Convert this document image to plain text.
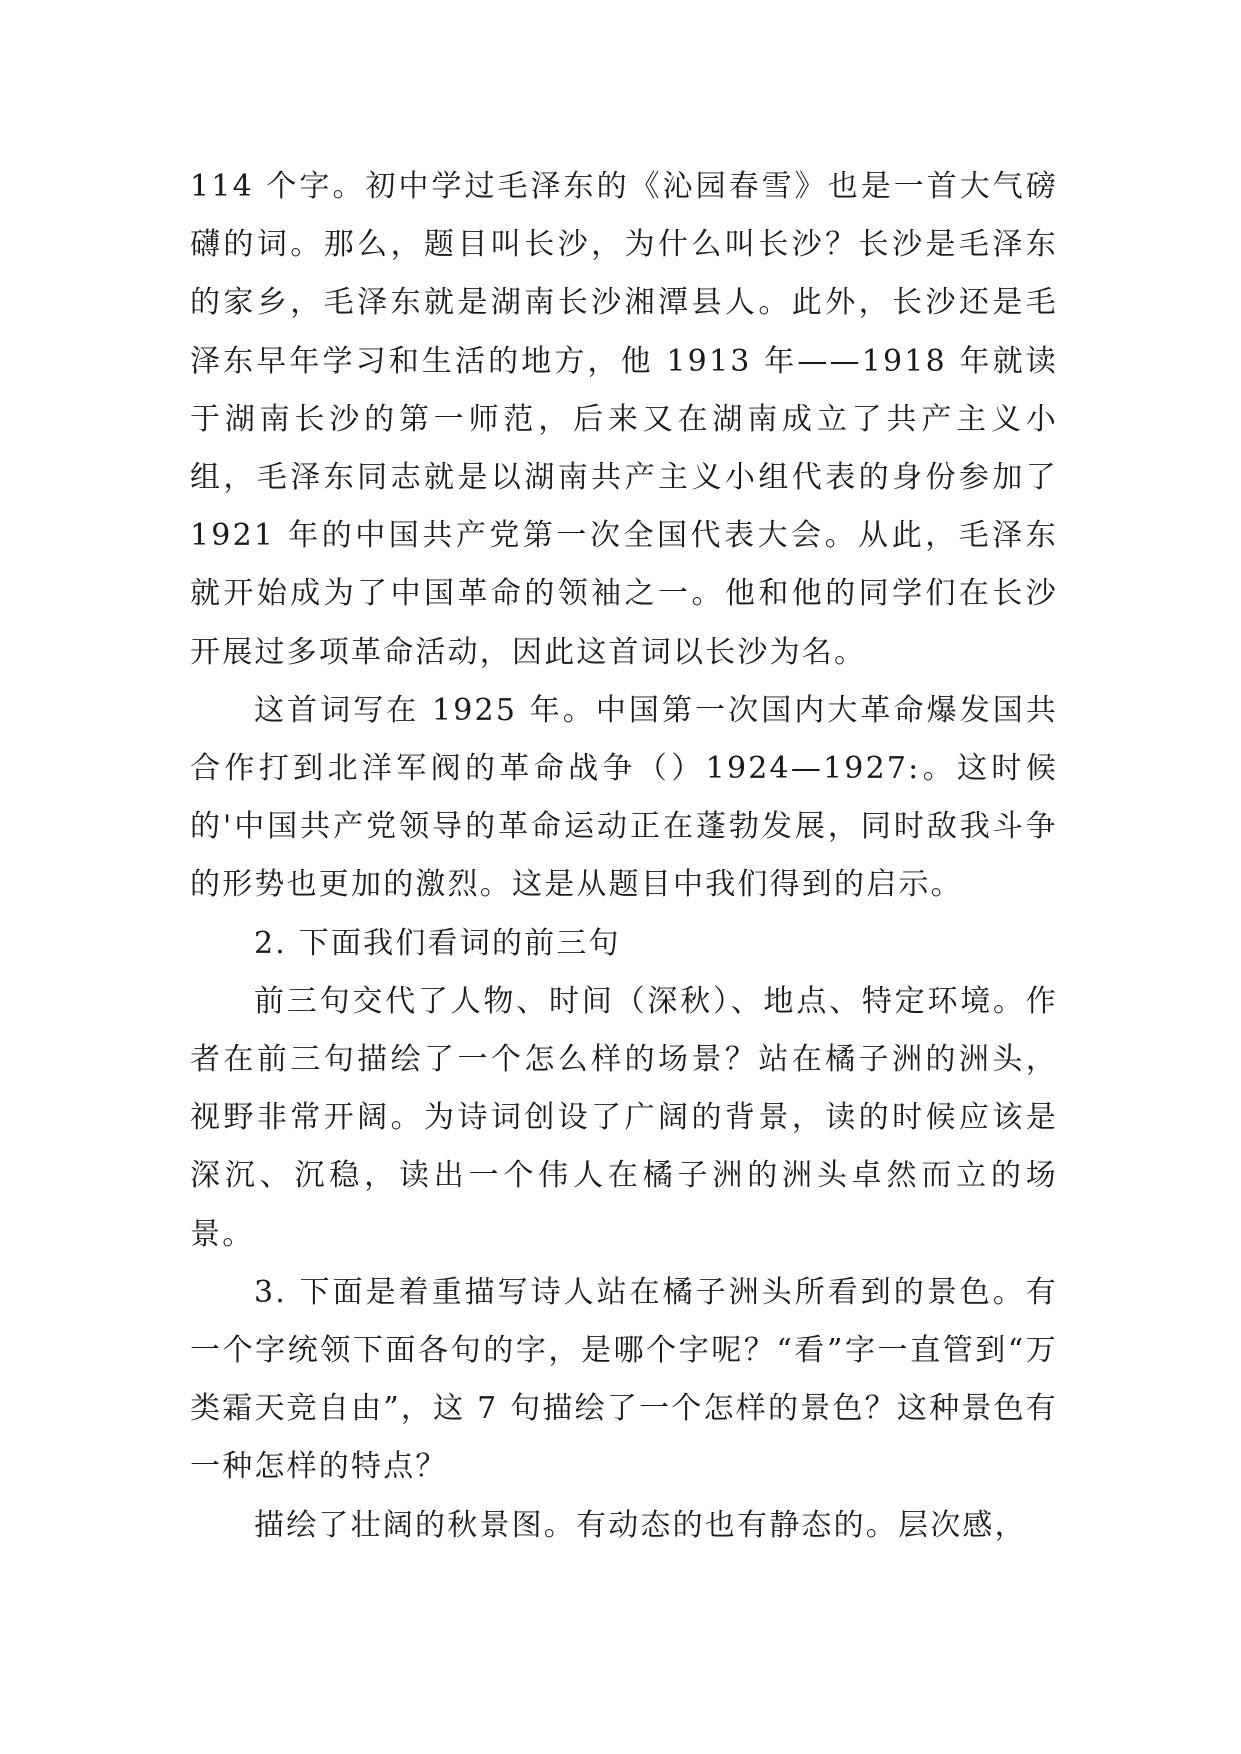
114 个字。初中学过毛泽东的《沁园春雪》也是一首大气磅礴的词。那么，题目叫长沙，为什么叫长沙？长沙是毛泽东的家乡，毛泽东就是湖南长沙湘潭县人。此外，长沙还是毛泽东早年学习和生活的地方，他 1913 年——1918 年就读于湖南长沙的第一师范，后来又在湖南成立了共产主义小组，毛泽东同志就是以湖南共产主义小组代表的身份参加了 1921 年的中国共产党第一次全国代表大会。从此，毛泽东就开始成为了中国革命的领袖之一。他和他的同学们在长沙开展过多项革命活动，因此这首词以长沙为名。

这首词写在 1925 年。中国第一次国内大革命爆发国共合作打到北洋军阀的革命战争（）1924—1927:。这时候的'中国共产党领导的革命运动正在蓬勃发展，同时敌我斗争的形势也更加的激烈。这是从题目中我们得到的启示。

2. 下面我们看词的前三句

前三句交代了人物、时间（深秋）、地点、特定环境。作者在前三句描绘了一个怎么样的场景？站在橘子洲的洲头，视野非常开阔。为诗词创设了广阔的背景，读的时候应该是深沉、沉稳，读出一个伟人在橘子洲的洲头卓然而立的场景。

3. 下面是着重描写诗人站在橘子洲头所看到的景色。有一个字统领下面各句的字，是哪个字呢？“看”字一直管到“万类霜天竞自由”，这 7 句描绘了一个怎样的景色？这种景色有一种怎样的特点？

描绘了壮阔的秋景图。有动态的也有静态的。层次感，
